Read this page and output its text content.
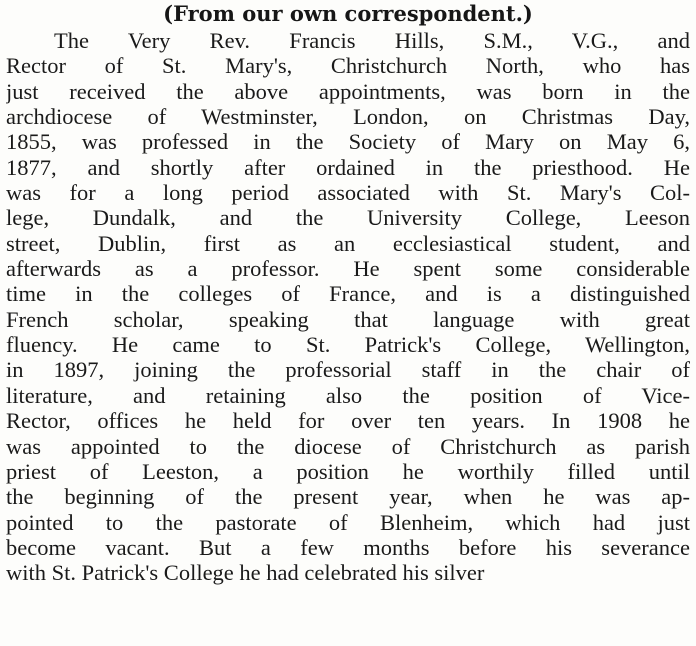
(From our own correspondent.)
The Very Rev. Francis Hills, S.M., V.G., and
Rector of St. Mary's, Christchurch North, who has
just received the above appointments, was born in the
archdiocese of Westminster, London, on Christmas Day,
1855, was professed in the Society of Mary on May 6,
1877, and shortly after ordained in the priesthood. He
was for a long period associated with St. Mary's Col-
lege, Dundalk, and the University College, Leeson
street, Dublin, first as an ecclesiastical student, and
afterwards as a professor. He spent some considerable
time in the colleges of France, and is a distinguished
French scholar, speaking that language with great
fluency. He came to St. Patrick's College, Wellington,
in 1897, joining the professorial staff in the chair of
literature, and retaining also the position of Vice-
Rector, offices he held for over ten years. In 1908 he
was appointed to the diocese of Christchurch as parish
priest of Leeston, a position he worthily filled until
the beginning of the present year, when he was ap-
pointed to the pastorate of Blenheim, which had just
become vacant. But a few months before his severance
with St. Patrick's College he had celebrated his silver
